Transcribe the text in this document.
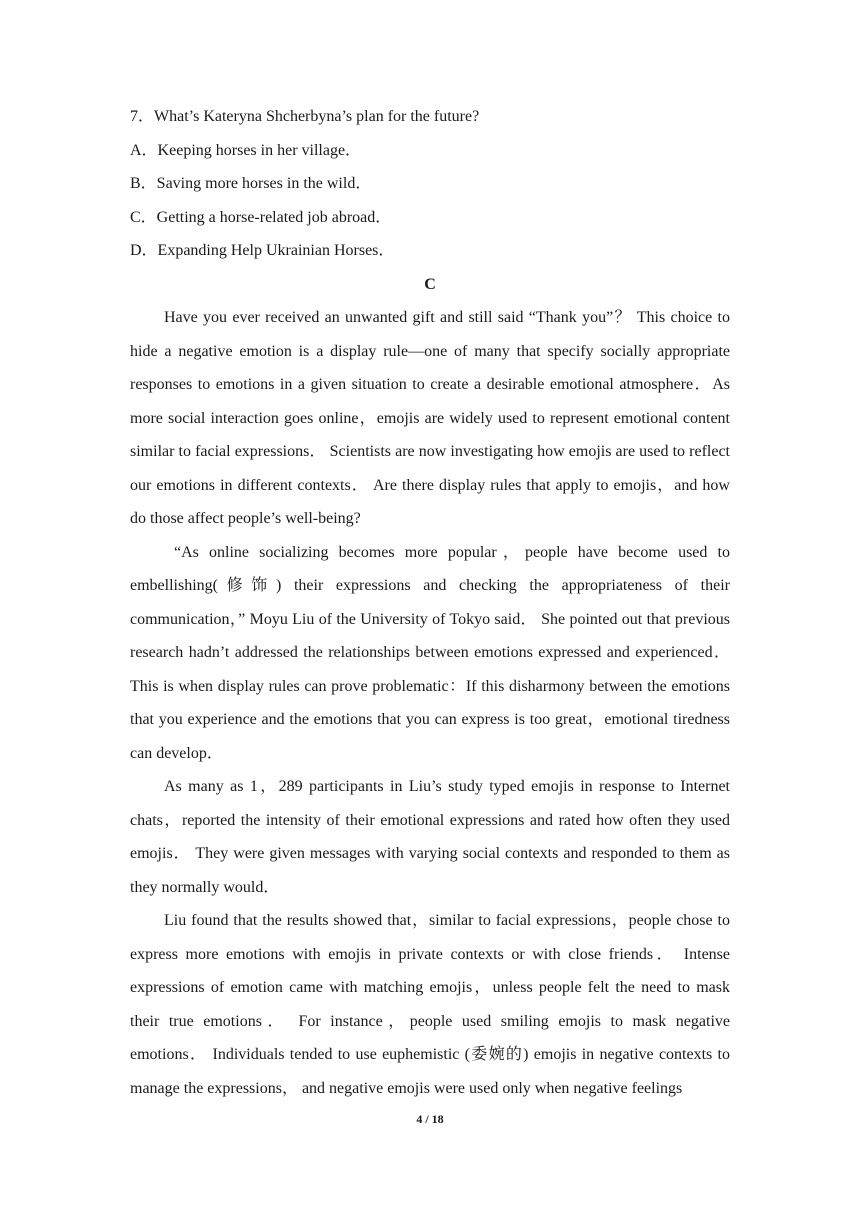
7．What’s Kateryna Shcherbyna’s plan for the future?

A．Keeping horses in her village．

B．Saving more horses in the wild．

C．Getting a horse-related job abroad．

D．Expanding Help Ukrainian Horses．

C

Have you ever received an unwanted gift and still said “Thank you”？ This choice to hide a negative emotion is a display rule—one of many that specify socially appropriate responses to emotions in a given situation to create a desirable emotional atmosphere．As more social interaction goes online，emojis are widely used to represent emotional content similar to facial expressions． Scientists are now investigating how emojis are used to reflect our emotions in different contexts． Are there display rules that apply to emojis，and how do those affect people’s well-being?

“As online socializing becomes more popular，people have become used to embellishing(修饰) their expressions and checking the appropriateness of their communication，” Moyu Liu of the University of Tokyo said． She pointed out that previous research hadn’t addressed the relationships between emotions expressed and experienced． This is when display rules can prove problematic：If this disharmony between the emotions that you experience and the emotions that you can express is too great，emotional tiredness can develop．

As many as 1，289 participants in Liu’s study typed emojis in response to Internet chats，reported the intensity of their emotional expressions and rated how often they used emojis． They were given messages with varying social contexts and responded to them as they normally would．

Liu found that the results showed that，similar to facial expressions，people chose to express more emotions with emojis in private contexts or with close friends． Intense expressions of emotion came with matching emojis，unless people felt the need to mask their true emotions． For instance，people used smiling emojis to mask negative emotions． Individuals tended to use euphemistic (委婉的) emojis in negative contexts to manage the expressions， and negative emojis were used only when negative feelings

4 / 18
